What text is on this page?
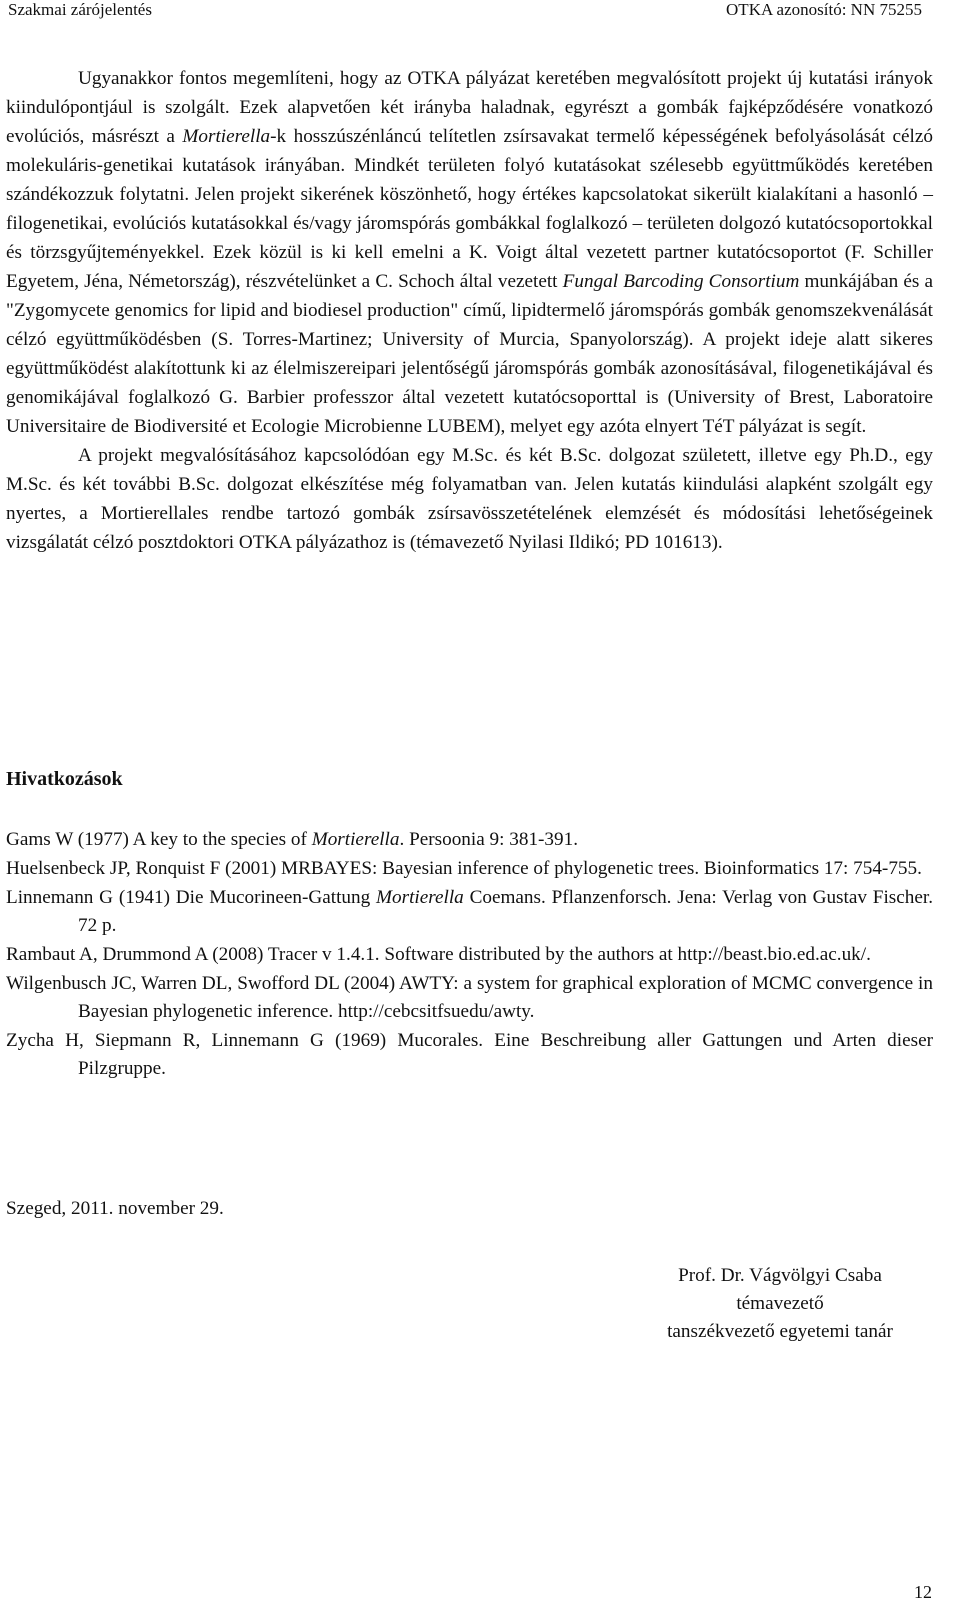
Szakmai zárójelentés	OTKA azonosító: NN 75255

Ugyanakkor fontos megemlíteni, hogy az OTKA pályázat keretében megvalósított projekt új kutatási irányok kiindulópontjául is szolgált. Ezek alapvetően két irányba haladnak, egyrészt a gombák fajképződésére vonatkozó evolúciós, másrészt a Mortierella-k hosszúszénláncú telítetlen zsírsavakat termelő képességének befolyásolását célzó molekuláris-genetikai kutatások irányában. Mindkét területen folyó kutatásokat szélesebb együttműködés keretében szándékozzuk folytatni. Jelen projekt sikerének köszönhető, hogy értékes kapcsolatokat sikerült kialakítani a hasonló – filogenetikai, evolúciós kutatásokkal és/vagy járomspórás gombákkal foglalkozó – területen dolgozó kutatócsoportokkal és törzsgyűjteményekkel. Ezek közül is ki kell emelni a K. Voigt által vezetett partner kutatócsoportot (F. Schiller Egyetem, Jéna, Németország), részvételünket a C. Schoch által vezetett Fungal Barcoding Consortium munkájában és a "Zygomycete genomics for lipid and biodiesel production" című, lipidtermelő járomspórás gombák genomszekvenálását célzó együttműködésben (S. Torres-Martinez; University of Murcia, Spanyolország). A projekt ideje alatt sikeres együttműködést alakítottunk ki az élelmiszereipari jelentőségű járomspórás gombák azonosításával, filogenetikájával és genomikájával foglalkozó G. Barbier professzor által vezetett kutatócsoporttal is (University of Brest, Laboratoire Universitaire de Biodiversité et Ecologie Microbienne LUBEM), melyet egy azóta elnyert TéT pályázat is segít.

A projekt megvalósításához kapcsolódóan egy M.Sc. és két B.Sc. dolgozat született, illetve egy Ph.D., egy M.Sc. és két további B.Sc. dolgozat elkészítése még folyamatban van. Jelen kutatás kiindulási alapként szolgált egy nyertes, a Mortierellales rendbe tartozó gombák zsírsavösszetételének elemzését és módosítási lehetőségeinek vizsgálatát célzó posztdoktori OTKA pályázathoz is (témavezető Nyilasi Ildikó; PD 101613).

Hivatkozások

Gams W (1977) A key to the species of Mortierella. Persoonia 9: 381-391.

Huelsenbeck JP, Ronquist F (2001) MRBAYES: Bayesian inference of phylogenetic trees. Bioinformatics 17: 754-755.

Linnemann G (1941) Die Mucorineen-Gattung Mortierella Coemans. Pflanzenforsch. Jena: Verlag von Gustav Fischer. 72 p.

Rambaut A, Drummond A (2008) Tracer v 1.4.1. Software distributed by the authors at http://beast.bio.ed.ac.uk/.

Wilgenbusch JC, Warren DL, Swofford DL (2004) AWTY: a system for graphical exploration of MCMC convergence in Bayesian phylogenetic inference. http://cebcsitfsuedu/awty.

Zycha H, Siepmann R, Linnemann G (1969) Mucorales. Eine Beschreibung aller Gattungen und Arten dieser Pilzgruppe.

Szeged, 2011. november 29.
Prof. Dr. Vágvölgyi Csaba
témavezető
tanszékvezető egyetemi tanár
12
